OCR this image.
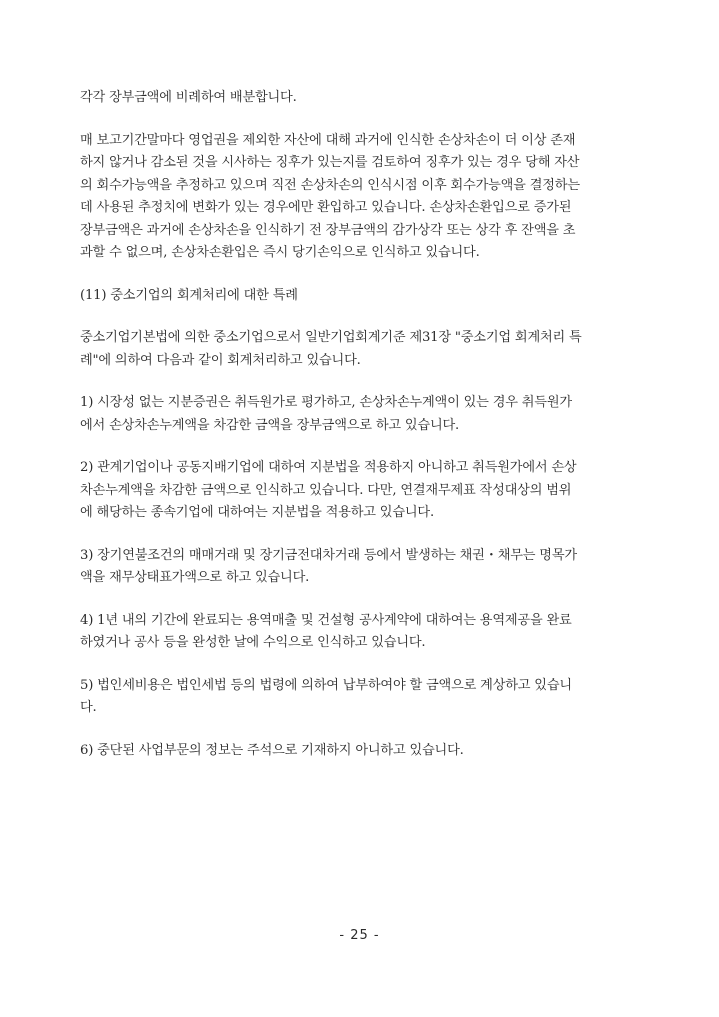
각각 장부금액에 비례하여 배분합니다.

매 보고기간말마다 영업권을 제외한 자산에 대해 과거에 인식한 손상차손이 더 이상 존재
하지 않거나 감소된 것을 시사하는 징후가 있는지를 검토하여 징후가 있는 경우 당해 자산
의 회수가능액을 추정하고 있으며 직전 손상차손의 인식시점 이후 회수가능액을 결정하는
데 사용된 추정치에 변화가 있는 경우에만 환입하고 있습니다. 손상차손환입으로 증가된
장부금액은 과거에 손상차손을 인식하기 전 장부금액의 감가상각 또는 상각 후 잔액을 초
과할 수 없으며, 손상차손환입은 즉시 당기손익으로 인식하고 있습니다.

(11) 중소기업의 회계처리에 대한 특례

중소기업기본법에 의한 중소기업으로서 일반기업회계기준 제31장 "중소기업 회계처리 특
례"에 의하여 다음과 같이 회계처리하고 있습니다.

1) 시장성 없는 지분증권은 취득원가로 평가하고, 손상차손누계액이 있는 경우 취득원가
에서 손상차손누계액을 차감한 금액을 장부금액으로 하고 있습니다.

2) 관계기업이나 공동지배기업에 대하여 지분법을 적용하지 아니하고 취득원가에서 손상
차손누계액을 차감한 금액으로 인식하고 있습니다. 다만, 연결재무제표 작성대상의 범위
에 해당하는 종속기업에 대하여는 지분법을 적용하고 있습니다.

3) 장기연불조건의 매매거래 및 장기금전대차거래 등에서 발생하는 채권・채무는 명목가
액을 재무상태표가액으로 하고 있습니다.

4) 1년 내의 기간에 완료되는 용역매출 및 건설형 공사계약에 대하여는 용역제공을 완료
하였거나 공사 등을 완성한 날에 수익으로 인식하고 있습니다.

5) 법인세비용은 법인세법 등의 법령에 의하여 납부하여야 할 금액으로 계상하고 있습니
다.

6) 중단된 사업부문의 정보는 주석으로 기재하지 아니하고 있습니다.

- 25 -
